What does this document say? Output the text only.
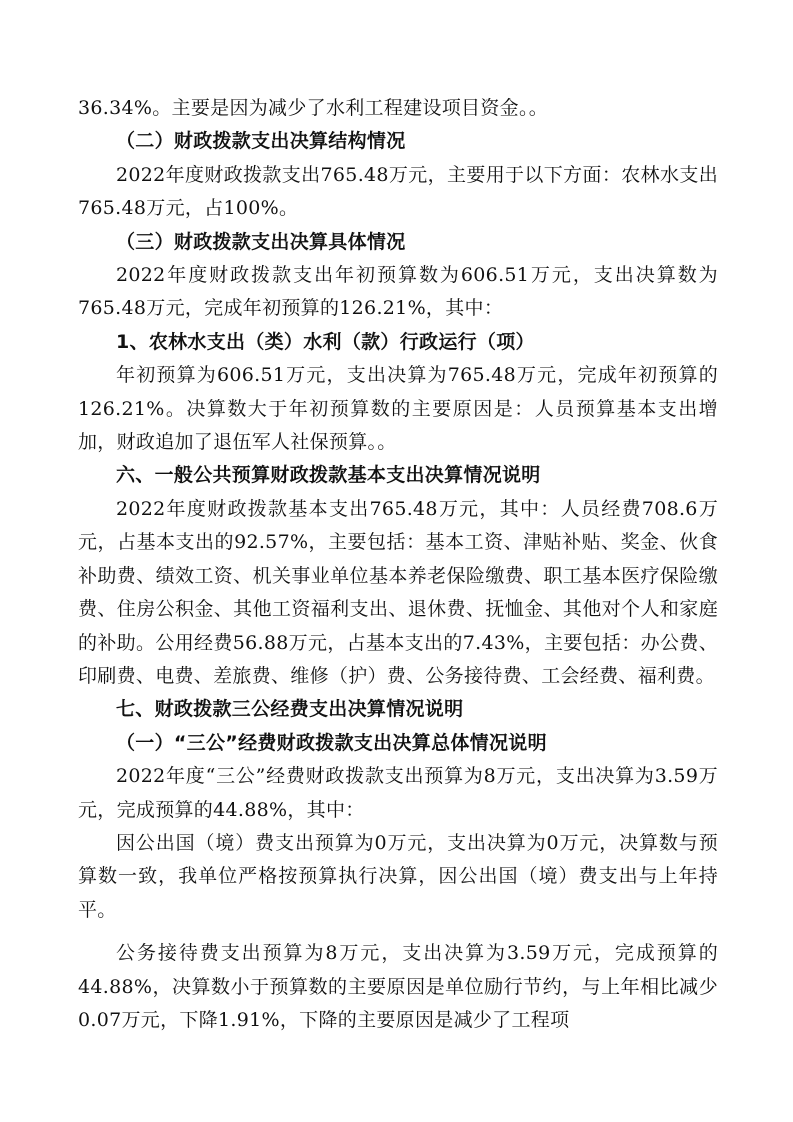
36.34%。主要是因为减少了水利工程建设项目资金。。

（二）财政拨款支出决算结构情况

2022年度财政拨款支出765.48万元，主要用于以下方面：农林水支出765.48万元，占100%。

（三）财政拨款支出决算具体情况

2022年度财政拨款支出年初预算数为606.51万元，支出决算数为765.48万元，完成年初预算的126.21%，其中：

1、农林水支出（类）水利（款）行政运行（项）

年初预算为606.51万元，支出决算为765.48万元，完成年初预算的126.21%。决算数大于年初预算数的主要原因是：人员预算基本支出增加，财政追加了退伍军人社保预算。。

六、一般公共预算财政拨款基本支出决算情况说明

2022年度财政拨款基本支出765.48万元，其中：人员经费708.6万元，占基本支出的92.57%，主要包括：基本工资、津贴补贴、奖金、伙食补助费、绩效工资、机关事业单位基本养老保险缴费、职工基本医疗保险缴费、住房公积金、其他工资福利支出、退休费、抚恤金、其他对个人和家庭的补助。公用经费56.88万元，占基本支出的7.43%，主要包括：办公费、印刷费、电费、差旅费、维修（护）费、公务接待费、工会经费、福利费。

七、财政拨款三公经费支出决算情况说明

（一）“三公”经费财政拨款支出决算总体情况说明

2022年度“三公”经费财政拨款支出预算为8万元，支出决算为3.59万元，完成预算的44.88%，其中：

因公出国（境）费支出预算为0万元，支出决算为0万元，决算数与预算数一致，我单位严格按预算执行决算，因公出国（境）费支出与上年持平。

公务接待费支出预算为8万元，支出决算为3.59万元，完成预算的44.88%，决算数小于预算数的主要原因是单位励行节约，与上年相比减少0.07万元，下降1.91%，下降的主要原因是减少了工程项
